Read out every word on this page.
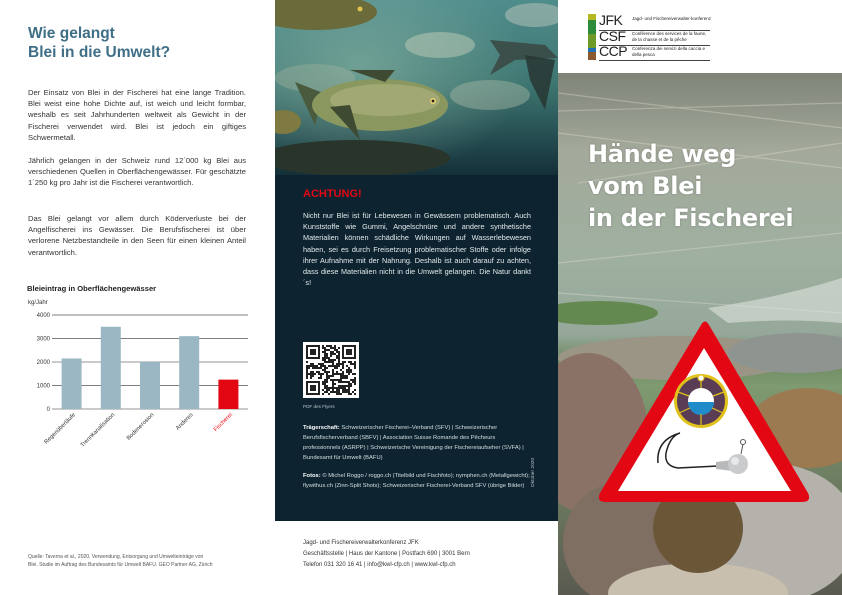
Wie gelangt
Blei in die Umwelt?
Der Einsatz von Blei in der Fischerei hat eine lange Tradition. Blei weist eine hohe Dichte auf, ist weich und leicht formbar, weshalb es seit Jahrhunderten weltweit als Gewicht in der Fischerei verwendet wird. Blei ist jedoch ein giftiges Schwermetall.
Jährlich gelangen in der Schweiz rund 12´000 kg Blei aus verschiedenen Quellen in Oberflächengewässer. Für geschätzte 1´250 kg pro Jahr ist die Fischerei verantwortlich.
Das Blei gelangt vor allem durch Köderverluste bei der Angelfischerei ins Gewässer. Die Berufsfischerei ist über verlorene Netzbestandteile in den Seen für einen kleinen Anteil verantwortlich.
Bleieintrag in Oberflächengewässer
kg/Jahr
0
1000
2000
3000
4000
Regenüberläufe Trennkanalisation Bodenerosion	Anderes	Fischerei
Quelle: Taverna et al., 2020. Verwendung, Entsorgung und Umwelteinträge von
Blei. Studie im Auftrag des Bundesamts für Umwelt BAFU. GEO Partner AG, Zürich
ACHTUNG!
Nicht nur Blei ist für Lebewesen in Gewässern problematisch. Auch Kunststoffe wie Gummi, Angelschnüre und andere synthetische Materialien können schädliche Wirkungen auf Wasserlebewesen haben, sei es durch Freisetzung problematischer Stoffe oder infolge ihrer Aufnahme mit der Nahrung. Deshalb ist auch darauf zu achten, dass diese Materialien nicht in die Umwelt gelangen. Die Natur dankt´s!
PDF des Flyers
Trägerschaft: Schweizerischer Fischerei–Verband (SFV) | Schweizerischer Berufsfischerverband (SBFV) | Association Suisse Romande des Pêcheurs professionnels (ASRPP) | Schweizerische Vereinigung der Fischereiaufseher (SVFA) | Bundesamt für Umwelt (BAFU)
Fotos: © Michel Roggo / roggo.ch (Titelbild und Fischfoto); nymphen.ch (Metallgewicht); flywithus.ch (Zinn-Split Shots); Schweizerischer Fischerei-Verband SFV (übrige Bilder)	Oktober 2020
Jagd- und Fischereiverwalterkonferenz JFK
Geschäftsstelle | Haus der Kantone | Postfach 690 | 3001 Bern
Telefon 031 320 16 41 | info@kwl-cfp.ch | www.kwl-cfp.ch
JFK
CSF
CCP
Jagd- und Fischereiverwalter-konferenz
Conférence des services de la faune, de la chasse et de la pêche
Conferenza dei servizi della caccia e della pesca
Hände weg
vom Blei
in der Fischerei
